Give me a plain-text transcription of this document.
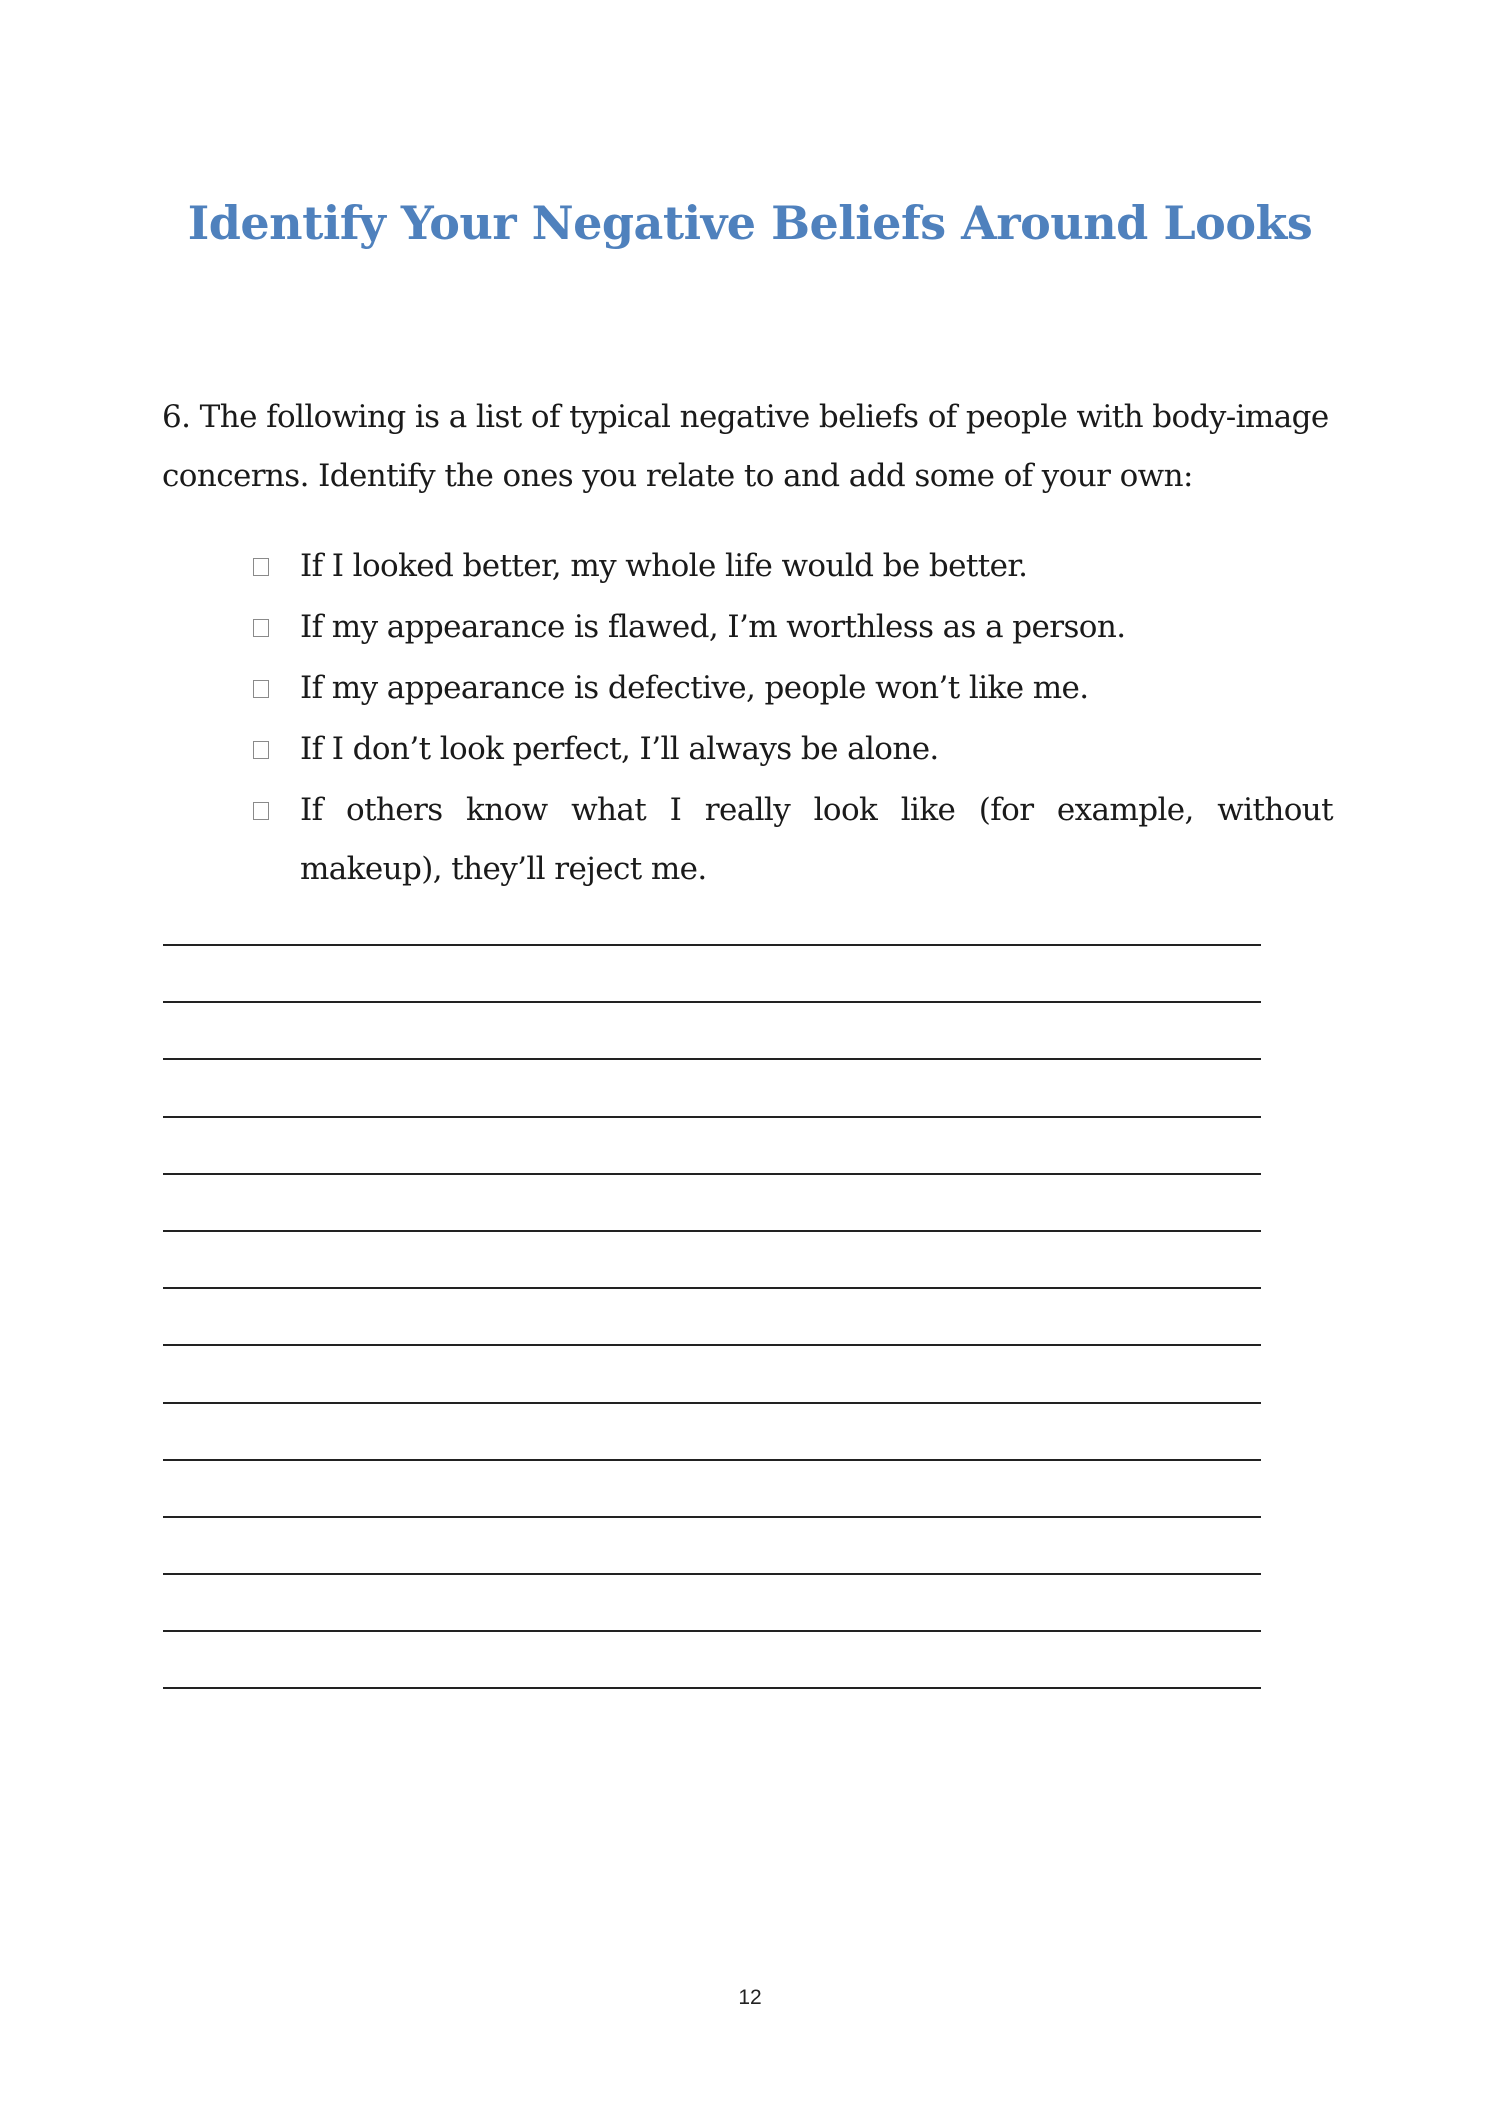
Identify Your Negative Beliefs Around Looks

6. The following is a list of typical negative beliefs of people with body-image concerns. Identify the ones you relate to and add some of your own:

If I looked better, my whole life would be better.
If my appearance is flawed, I’m worthless as a person.
If my appearance is defective, people won’t like me.
If I don’t look perfect, I’ll always be alone.
If others know what I really look like (for example, without makeup), they’ll reject me.
12
